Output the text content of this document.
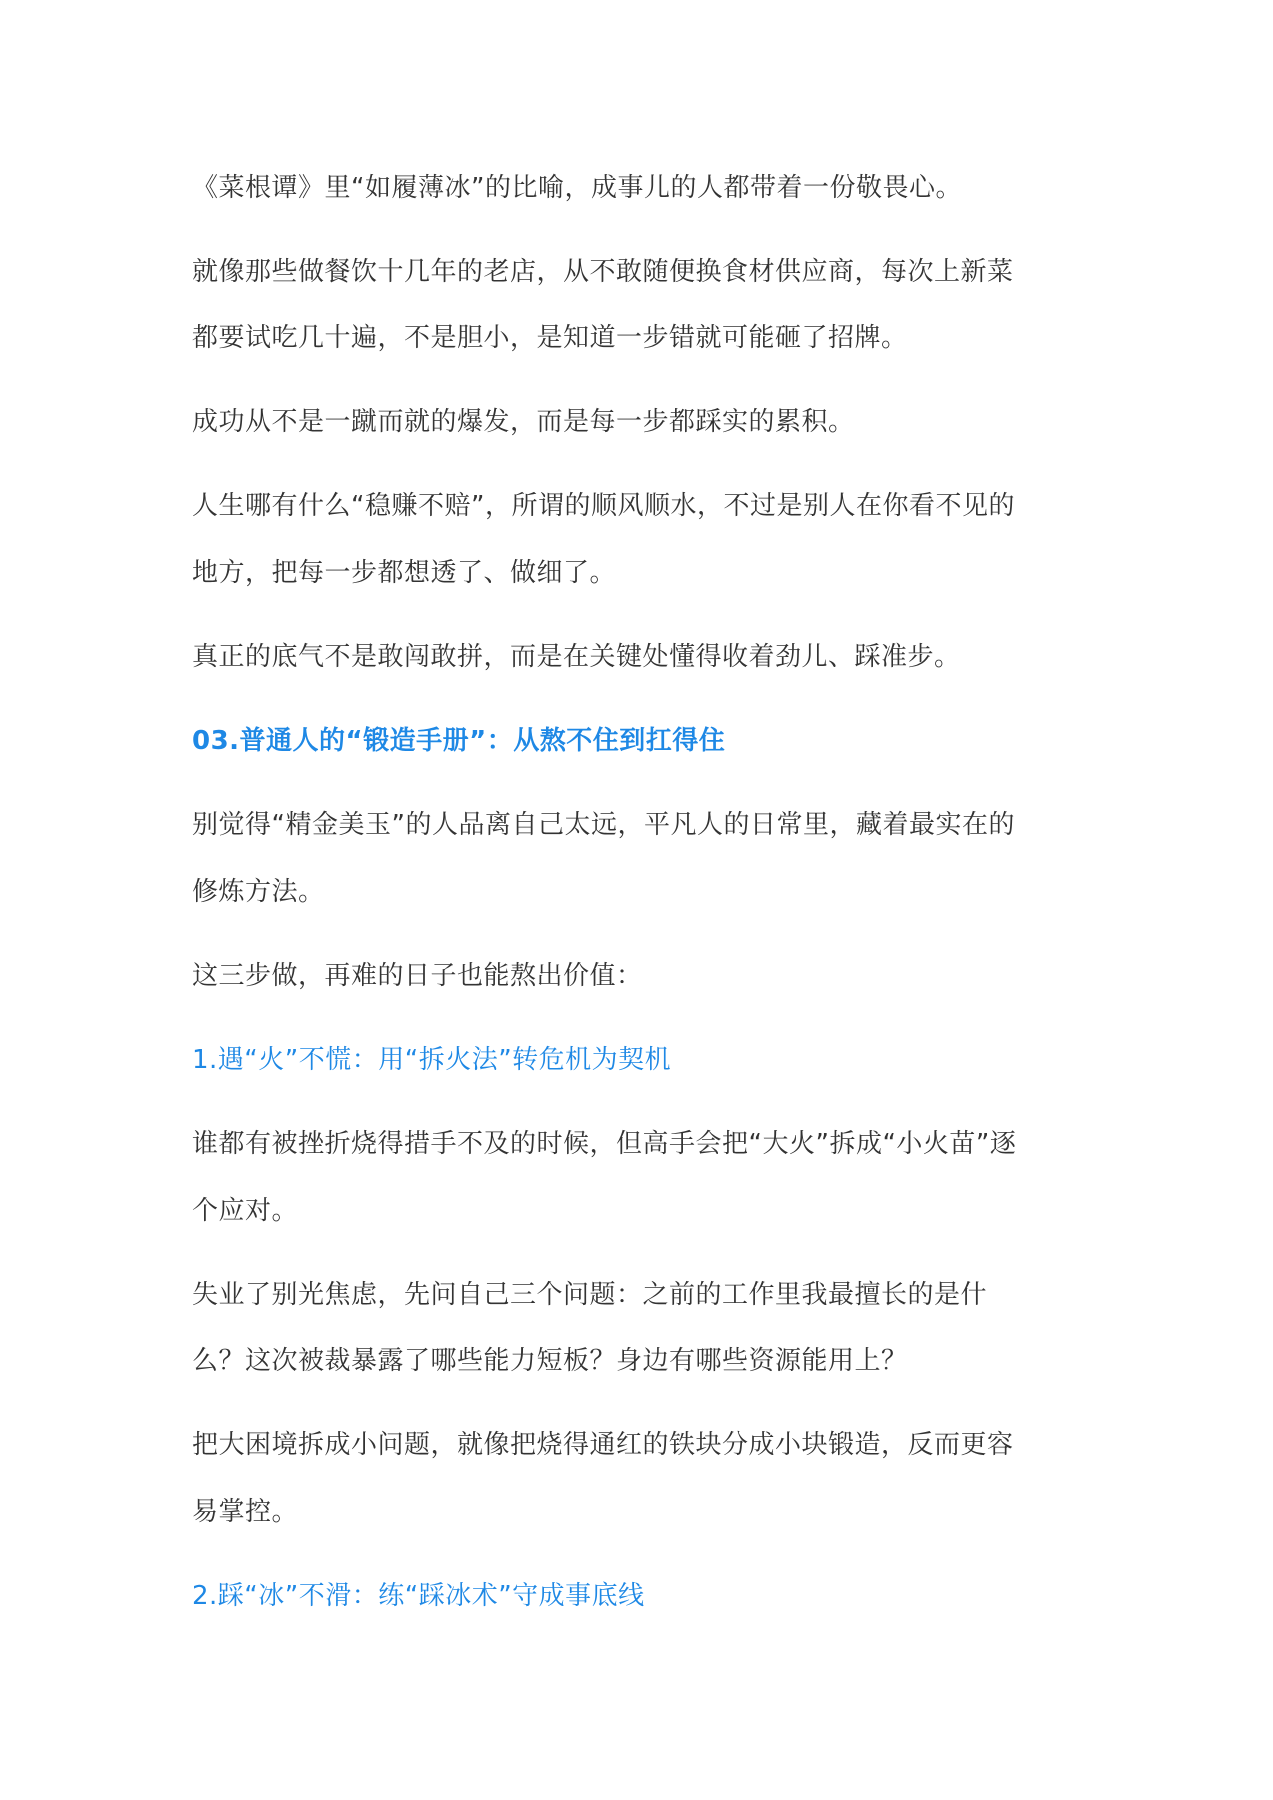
《菜根谭》里“如履薄冰”的比喻，成事儿的人都带着一份敬畏心。
就像那些做餐饮十几年的老店，从不敢随便换食材供应商，每次上新菜
都要试吃几十遍，不是胆小，是知道一步错就可能砸了招牌。
成功从不是一蹴而就的爆发，而是每一步都踩实的累积。
人生哪有什么“稳赚不赔”，所谓的顺风顺水，不过是别人在你看不见的
地方，把每一步都想透了、做细了。
真正的底气不是敢闯敢拼，而是在关键处懂得收着劲儿、踩准步。
03.普通人的“锻造手册”：从熬不住到扛得住
别觉得“精金美玉”的人品离自己太远，平凡人的日常里，藏着最实在的
修炼方法。
这三步做，再难的日子也能熬出价值：
1.遇“火”不慌：用“拆火法”转危机为契机
谁都有被挫折烧得措手不及的时候，但高手会把“大火”拆成“小火苗”逐
个应对。
失业了别光焦虑，先问自己三个问题：之前的工作里我最擅长的是什
么？这次被裁暴露了哪些能力短板？身边有哪些资源能用上？
把大困境拆成小问题，就像把烧得通红的铁块分成小块锻造，反而更容
易掌控。
2.踩“冰”不滑：练“踩冰术”守成事底线
